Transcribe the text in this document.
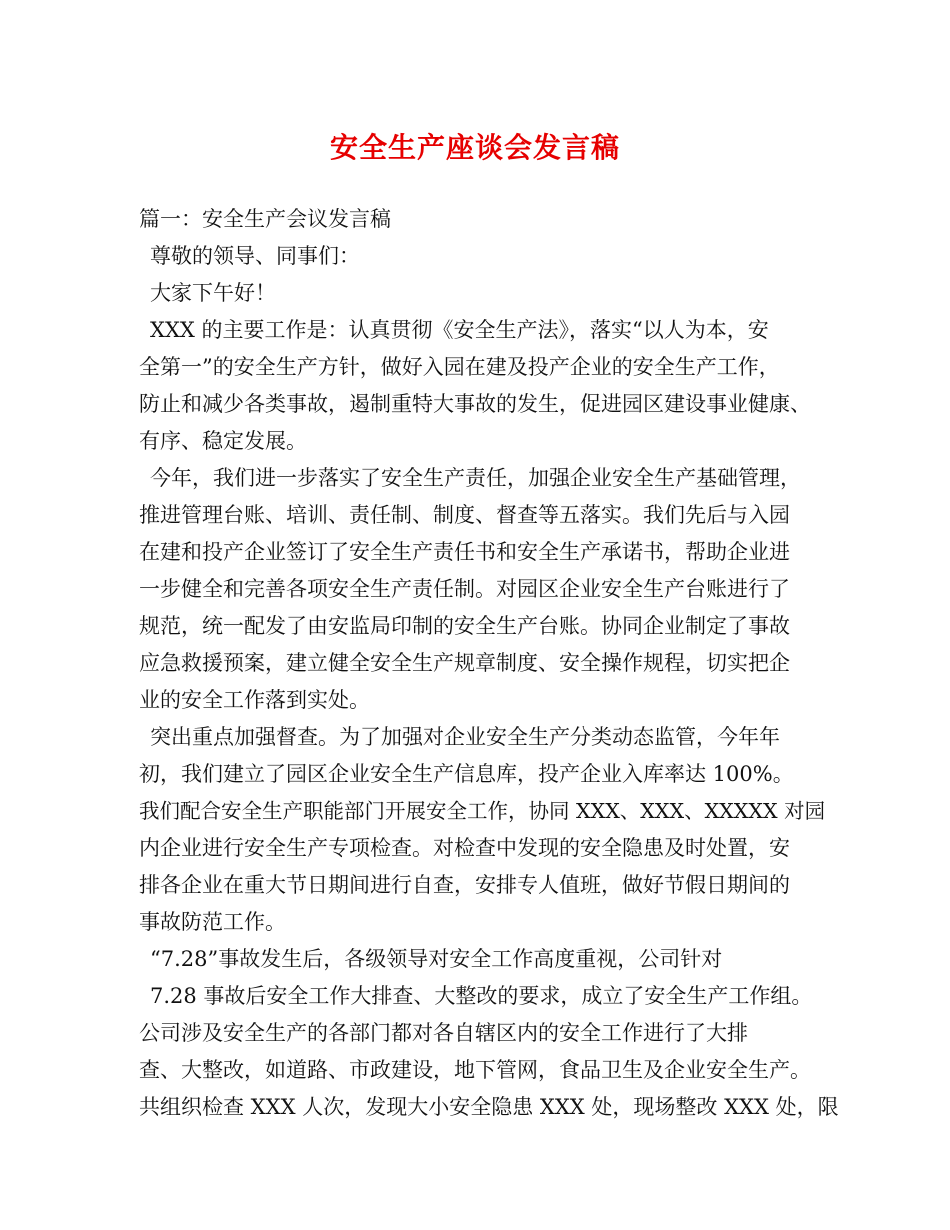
安全生产座谈会发言稿
篇一：安全生产会议发言稿
尊敬的领导、同事们：
大家下午好！
XXX 的主要工作是：认真贯彻《安全生产法》，落实“以人为本，安
全第一”的安全生产方针，做好入园在建及投产企业的安全生产工作，
防止和减少各类事故，遏制重特大事故的发生，促进园区建设事业健康、
有序、稳定发展。
今年，我们进一步落实了安全生产责任，加强企业安全生产基础管理，
推进管理台账、培训、责任制、制度、督查等五落实。我们先后与入园
在建和投产企业签订了安全生产责任书和安全生产承诺书，帮助企业进
一步健全和完善各项安全生产责任制。对园区企业安全生产台账进行了
规范，统一配发了由安监局印制的安全生产台账。协同企业制定了事故
应急救援预案，建立健全安全生产规章制度、安全操作规程，切实把企
业的安全工作落到实处。
突出重点加强督查。为了加强对企业安全生产分类动态监管，今年年
初，我们建立了园区企业安全生产信息库，投产企业入库率达 100%。
我们配合安全生产职能部门开展安全工作，协同 XXX、XXX、XXXXX 对园
内企业进行安全生产专项检查。对检查中发现的安全隐患及时处置，安
排各企业在重大节日期间进行自查，安排专人值班，做好节假日期间的
事故防范工作。
“7.28”事故发生后，各级领导对安全工作高度重视，公司针对
7.28 事故后安全工作大排查、大整改的要求，成立了安全生产工作组。
公司涉及安全生产的各部门都对各自辖区内的安全工作进行了大排
查、大整改，如道路、市政建设，地下管网，食品卫生及企业安全生产。
共组织检查 XXX 人次，发现大小安全隐患 XXX 处，现场整改 XXX 处，限
